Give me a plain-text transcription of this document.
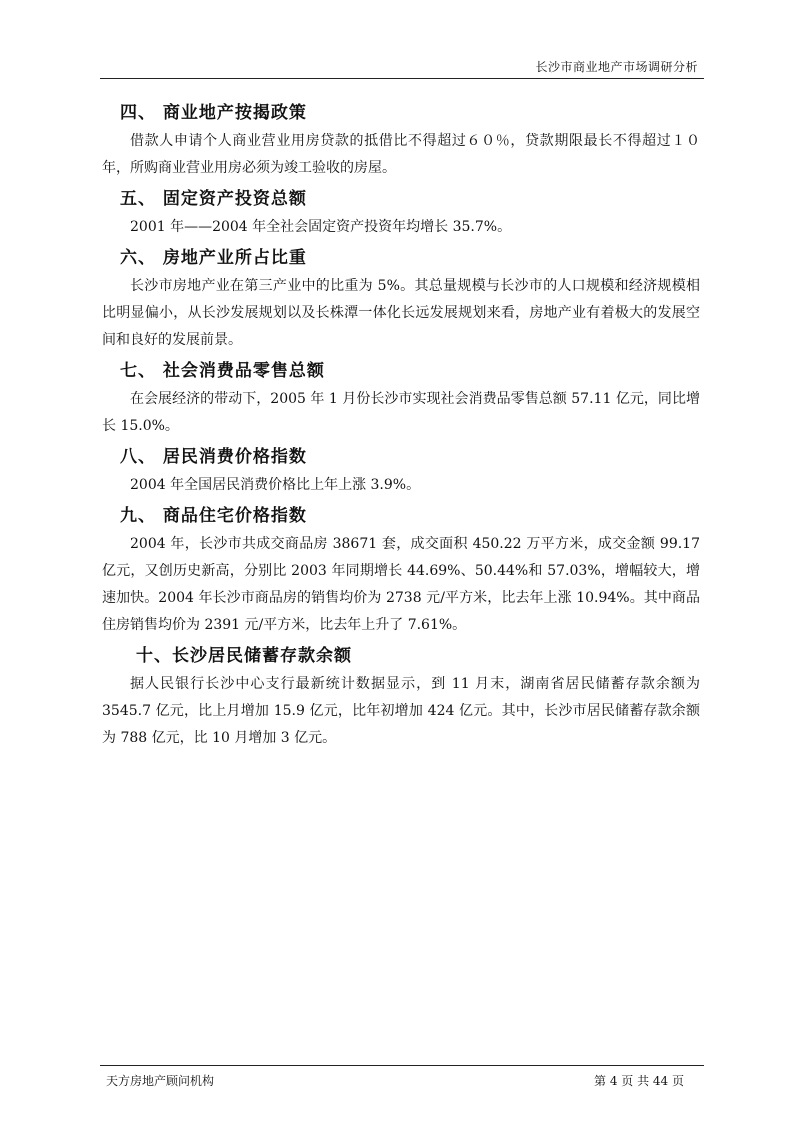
长沙市商业地产市场调研分析
四、 商业地产按揭政策

借款人申请个人商业营业用房贷款的抵借比不得超过６０％，贷款期限最长不得超过１０年，所购商业营业用房必须为竣工验收的房屋。

五、 固定资产投资总额

2001 年——2004 年全社会固定资产投资年均增长 35.7%。

六、 房地产业所占比重

长沙市房地产业在第三产业中的比重为 5%。其总量规模与长沙市的人口规模和经济规模相比明显偏小，从长沙发展规划以及长株潭一体化长远发展规划来看，房地产业有着极大的发展空间和良好的发展前景。

七、 社会消费品零售总额

在会展经济的带动下，2005 年 1 月份长沙市实现社会消费品零售总额 57.11 亿元，同比增长 15.0%。

八、 居民消费价格指数

2004 年全国居民消费价格比上年上涨 3.9%。

九、 商品住宅价格指数

2004 年，长沙市共成交商品房 38671 套，成交面积 450.22 万平方米，成交金额 99.17 亿元，又创历史新高，分别比 2003 年同期增长 44.69%、50.44%和 57.03%，增幅较大，增速加快。2004 年长沙市商品房的销售均价为 2738 元/平方米，比去年上涨 10.94%。其中商品住房销售均价为 2391 元/平方米，比去年上升了 7.61%。

十、长沙居民储蓄存款余额

据人民银行长沙中心支行最新统计数据显示，到 11 月末，湖南省居民储蓄存款余额为 3545.7 亿元，比上月增加 15.9 亿元，比年初增加 424 亿元。其中，长沙市居民储蓄存款余额为 788 亿元，比 10 月增加 3 亿元。

天方房地产顾问机构	第 4 页 共 44 页
